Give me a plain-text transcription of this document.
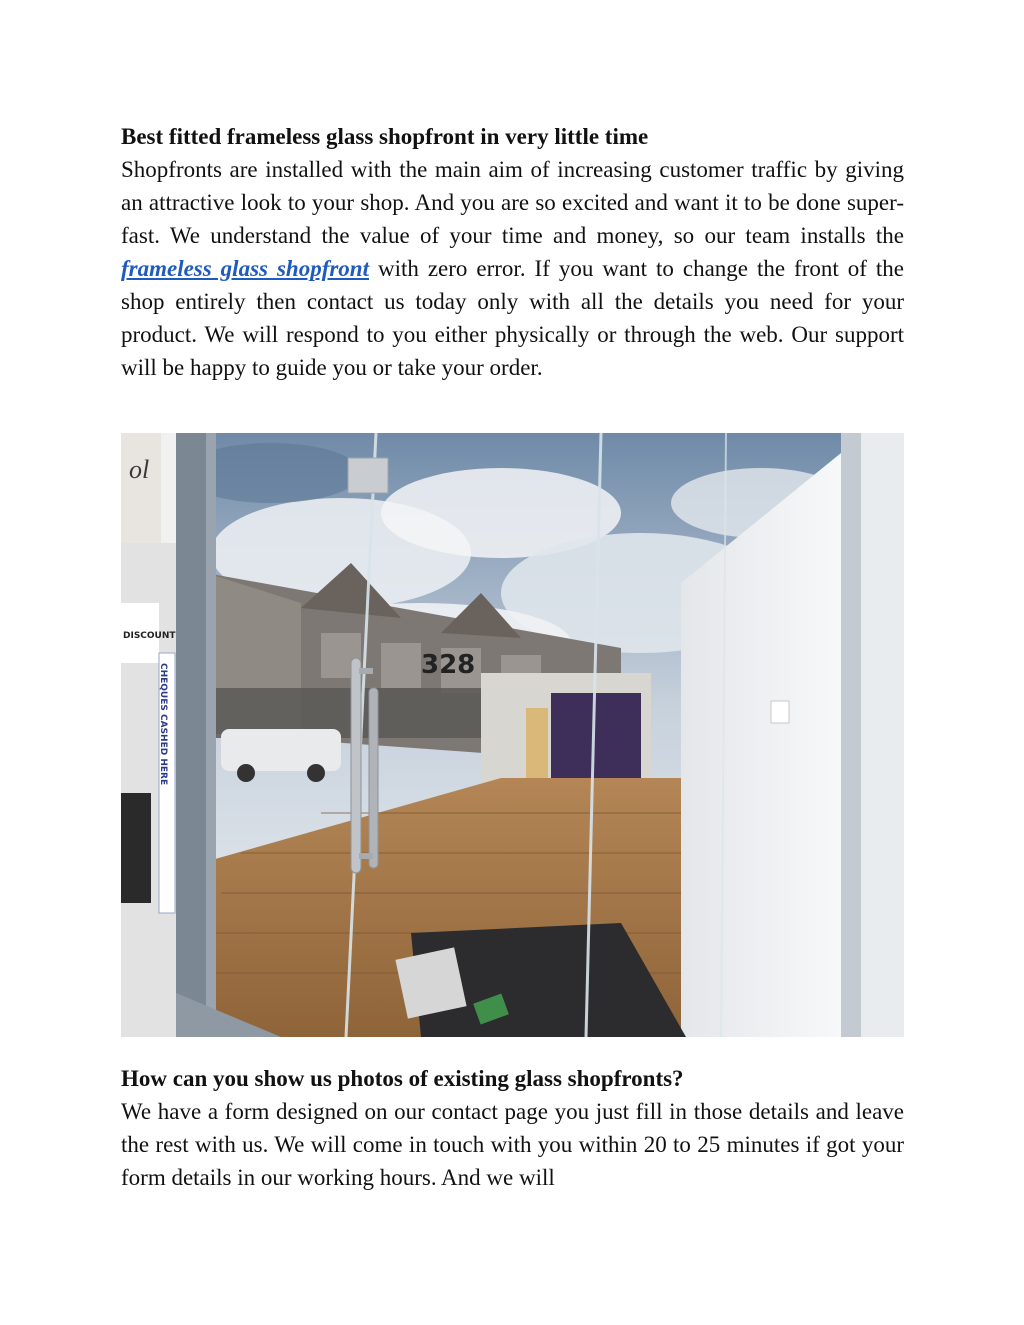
Best fitted frameless glass shopfront in very little time

Shopfronts are installed with the main aim of increasing customer traffic by giving an attractive look to your shop. And you are so excited and want it to be done super-fast. We understand the value of your time and money, so our team installs the frameless glass shopfront with zero error. If you want to change the front of the shop entirely then contact us today only with all the details you need for your product. We will respond to you either physically or through the web. Our support will be happy to guide you or take your order.

ol
DISCOUNT
CHEQUES CASHED HERE	328
How can you show us photos of existing glass shopfronts?

We have a form designed on our contact page you just fill in those details and leave the rest with us. We will come in touch with you within 20 to 25 minutes if got your form details in our working hours. And we will
